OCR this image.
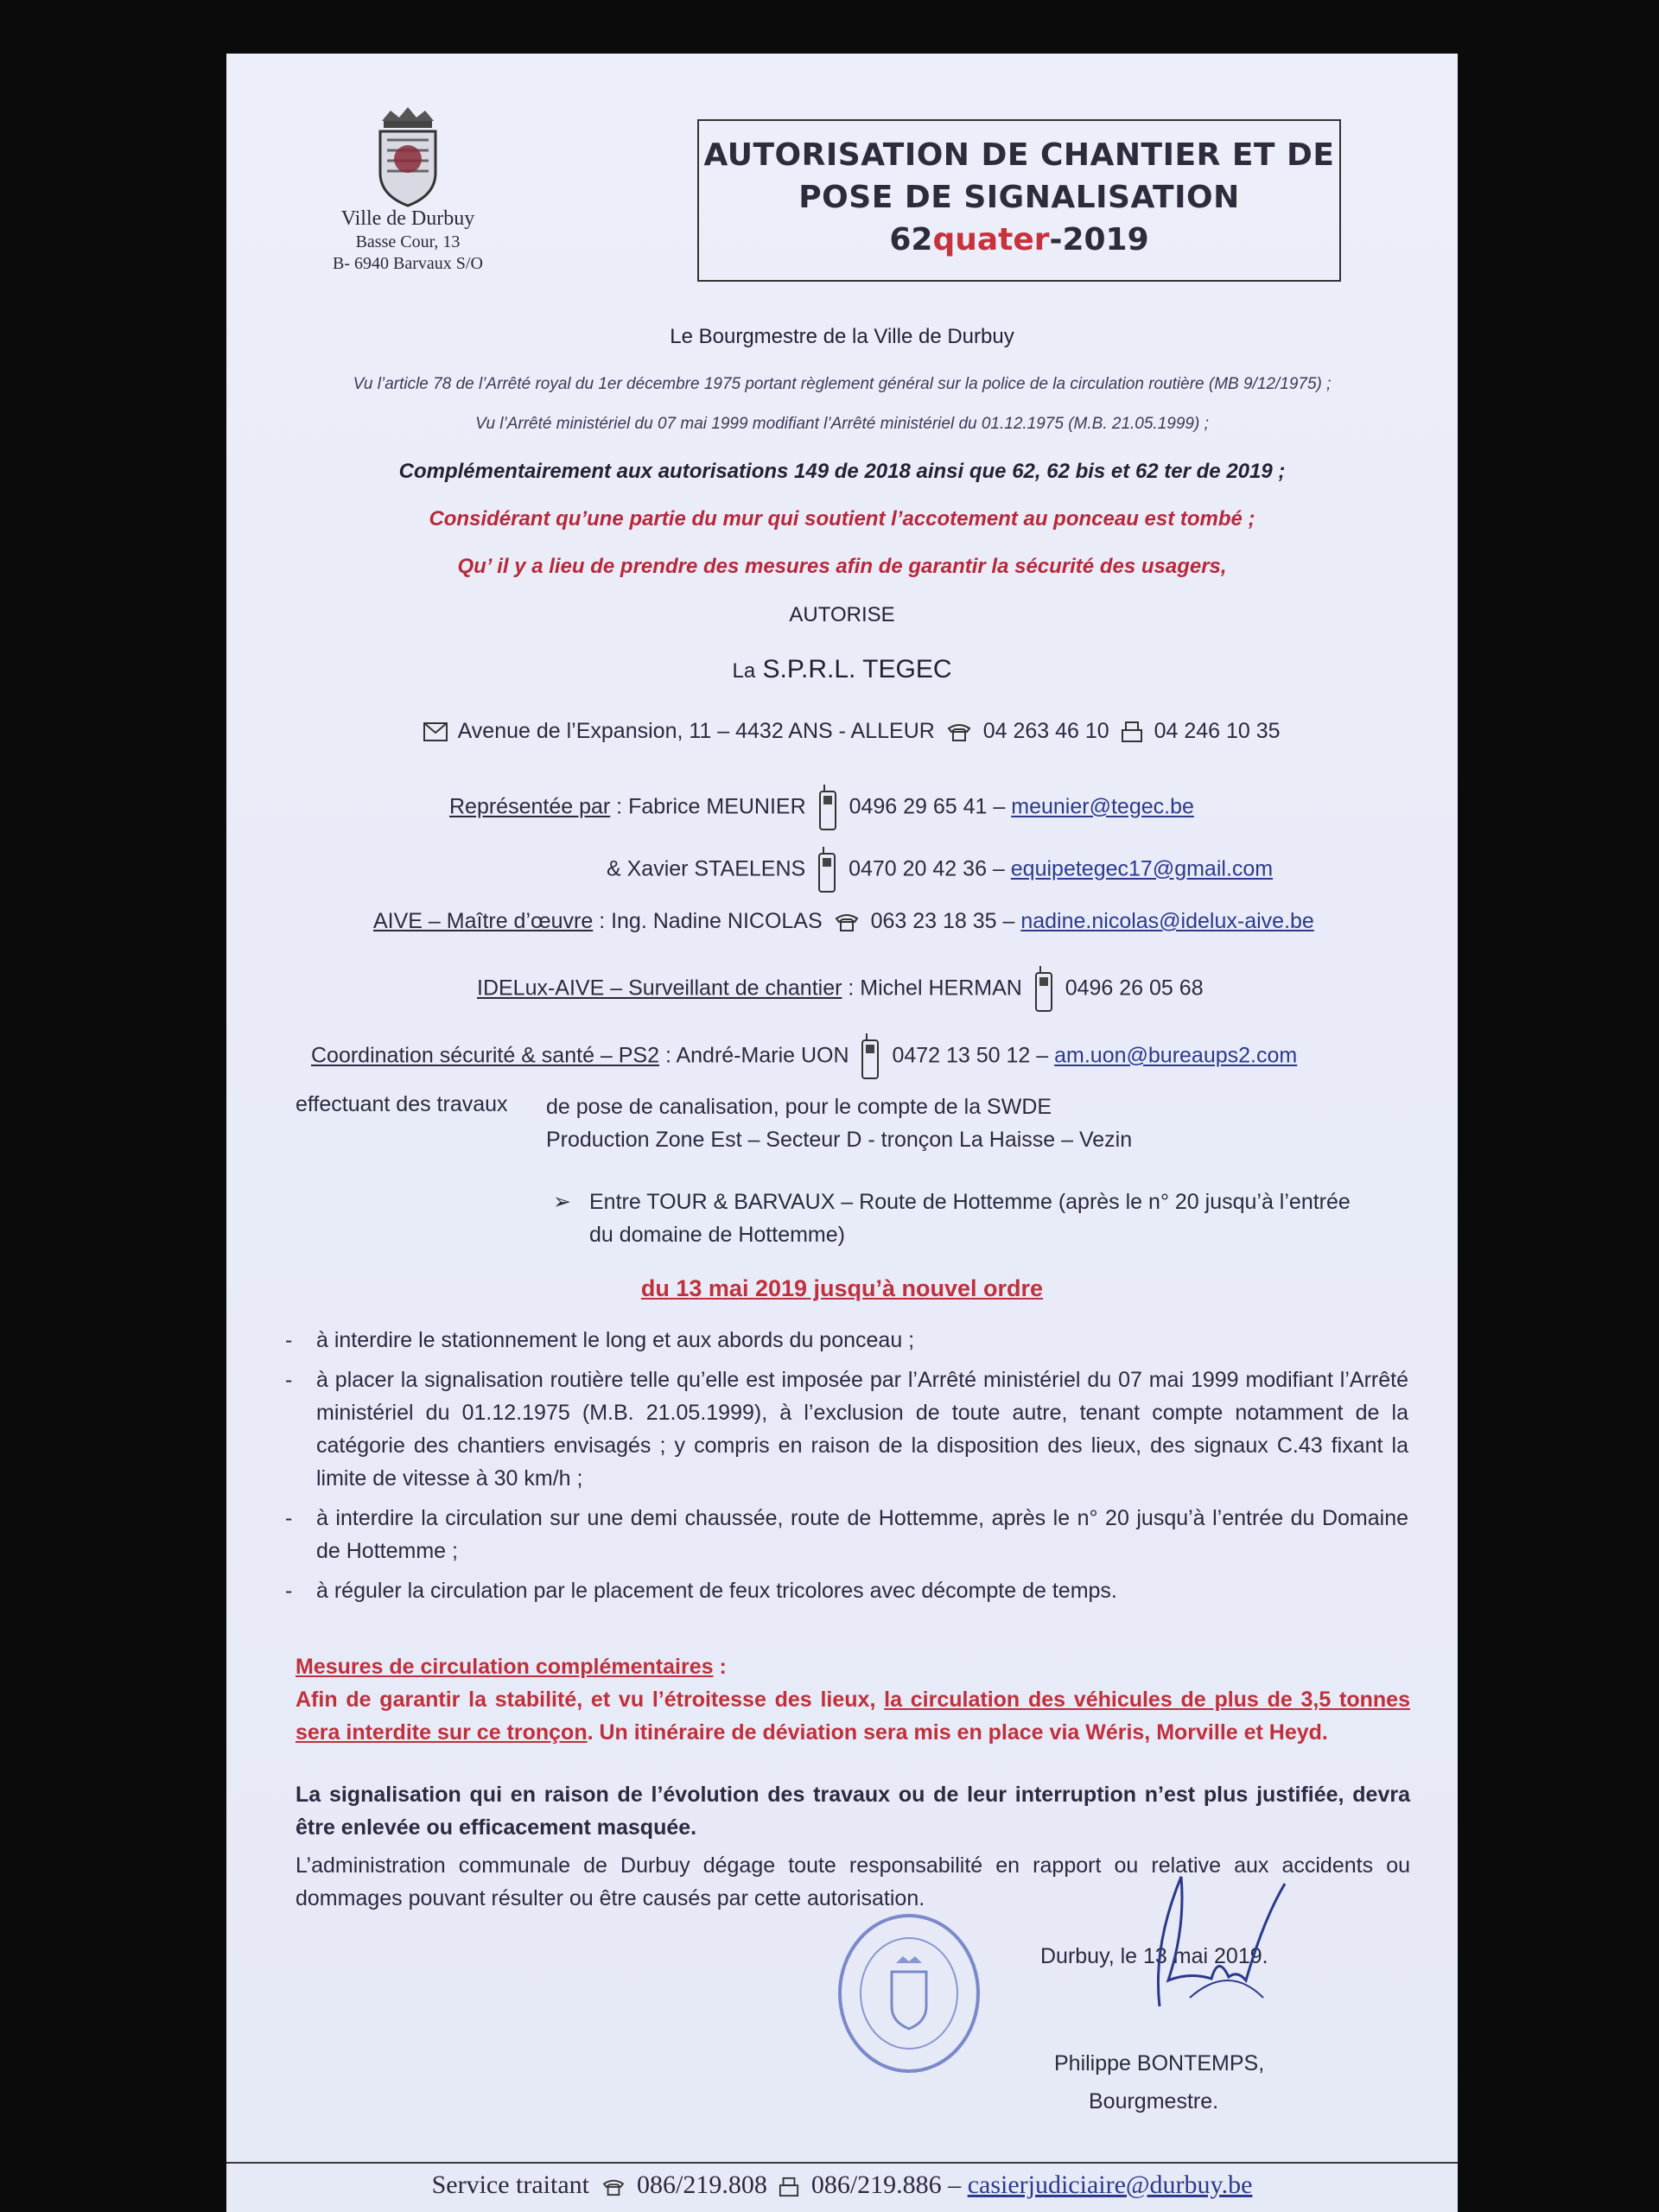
Ville de Durbuy
Basse Cour, 13
B- 6940 Barvaux S/O
AUTORISATION DE CHANTIER ET DE
POSE DE SIGNALISATION
62quater-2019
Le Bourgmestre de la Ville de Durbuy
Vu l’article 78 de l’Arrêté royal du 1er décembre 1975 portant règlement général sur la police de la circulation routière (MB 9/12/1975) ;
Vu l’Arrêté ministériel du 07 mai 1999 modifiant l’Arrêté ministériel du 01.12.1975 (M.B. 21.05.1999) ;
Complémentairement aux autorisations 149 de 2018 ainsi que 62, 62 bis et 62 ter de 2019 ;
Considérant qu’une partie du mur qui soutient l’accotement au ponceau est tombé ;
Qu’ il y a lieu de prendre des mesures afin de garantir la sécurité des usagers,
AUTORISE
La S.P.R.L. TEGEC
Avenue de l’Expansion, 11 – 4432 ANS - ALLEUR 04 263 46 10 04 246 10 35
Représentée par : Fabrice MEUNIER 0496 29 65 41 – meunier@tegec.be
& Xavier STAELENS 0470 20 42 36 – equipetegec17@gmail.com
AIVE – Maître d’œuvre : Ing. Nadine NICOLAS 063 23 18 35 – nadine.nicolas@idelux-aive.be
IDELux-AIVE – Surveillant de chantier : Michel HERMAN 0496 26 05 68
Coordination sécurité & santé – PS2 : André-Marie UON 0472 13 50 12 – am.uon@bureaups2.com
effectuant des travaux de pose de canalisation, pour le compte de la SWDE
Production Zone Est – Secteur D - tronçon La Haisse – Vezin
➢ Entre TOUR & BARVAUX – Route de Hottemme (après le n° 20 jusqu’à l’entrée
du domaine de Hottemme)
du 13 mai 2019 jusqu’à nouvel ordre
-	à interdire le stationnement le long et aux abords du ponceau ;
-	à placer la signalisation routière telle qu’elle est imposée par l’Arrêté ministériel du 07 mai 1999 modifiant l’Arrêté ministériel du 01.12.1975 (M.B. 21.05.1999), à l’exclusion de toute autre, tenant compte notamment de la catégorie des chantiers envisagés ; y compris en raison de la disposition des lieux, des signaux C.43 fixant la limite de vitesse à 30 km/h ;
-	à interdire la circulation sur une demi chaussée, route de Hottemme, après le n° 20 jusqu’à l’entrée du Domaine de Hottemme ;
-	à réguler la circulation par le placement de feux tricolores avec décompte de temps.
Mesures de circulation complémentaires :
Afin de garantir la stabilité, et vu l’étroitesse des lieux, la circulation des véhicules de plus de 3,5 tonnes sera interdite sur ce tronçon. Un itinéraire de déviation sera mis en place via Wéris, Morville et Heyd.
La signalisation qui en raison de l’évolution des travaux ou de leur interruption n’est plus justifiée, devra être enlevée ou efficacement masquée.
L’administration communale de Durbuy dégage toute responsabilité en rapport ou relative aux accidents ou dommages pouvant résulter ou être causés par cette autorisation.
Durbuy, le 13 mai 2019.
Philippe BONTEMPS,
Bourgmestre.
Service traitant 086/219.808 086/219.886 – casierjudiciaire@durbuy.be
